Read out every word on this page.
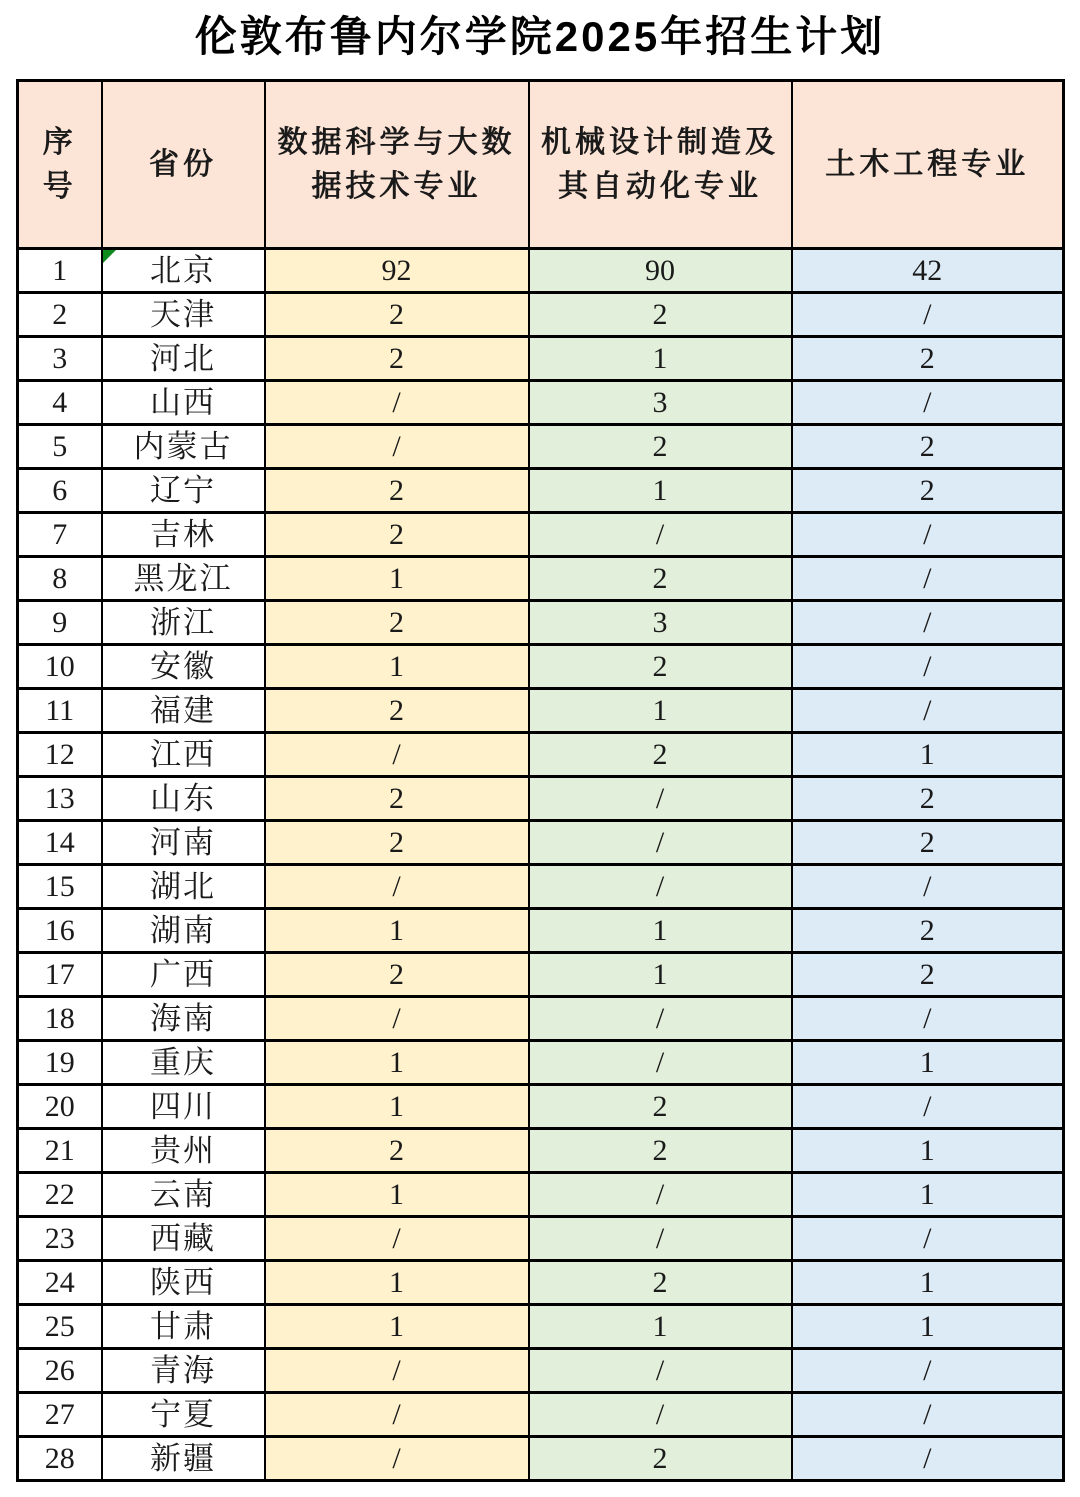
伦敦布鲁内尔学院2025年招生计划
序号	省份	数据科学与大数据技术专业	机械设计制造及其自动化专业	土木工程专业
1	北京	92	90	42
2	天津	2	2	/
3	河北	2	1	2
4	山西	/	3	/
5	内蒙古	/	2	2
6	辽宁	2	1	2
7	吉林	2	/	/
8	黑龙江	1	2	/
9	浙江	2	3	/
10	安徽	1	2	/
11	福建	2	1	/
12	江西	/	2	1
13	山东	2	/	2
14	河南	2	/	2
15	湖北	/	/	/
16	湖南	1	1	2
17	广西	2	1	2
18	海南	/	/	/
19	重庆	1	/	1
20	四川	1	2	/
21	贵州	2	2	1
22	云南	1	/	1
23	西藏	/	/	/
24	陕西	1	2	1
25	甘肃	1	1	1
26	青海	/	/	/
27	宁夏	/	/	/
28	新疆	/	2	/
